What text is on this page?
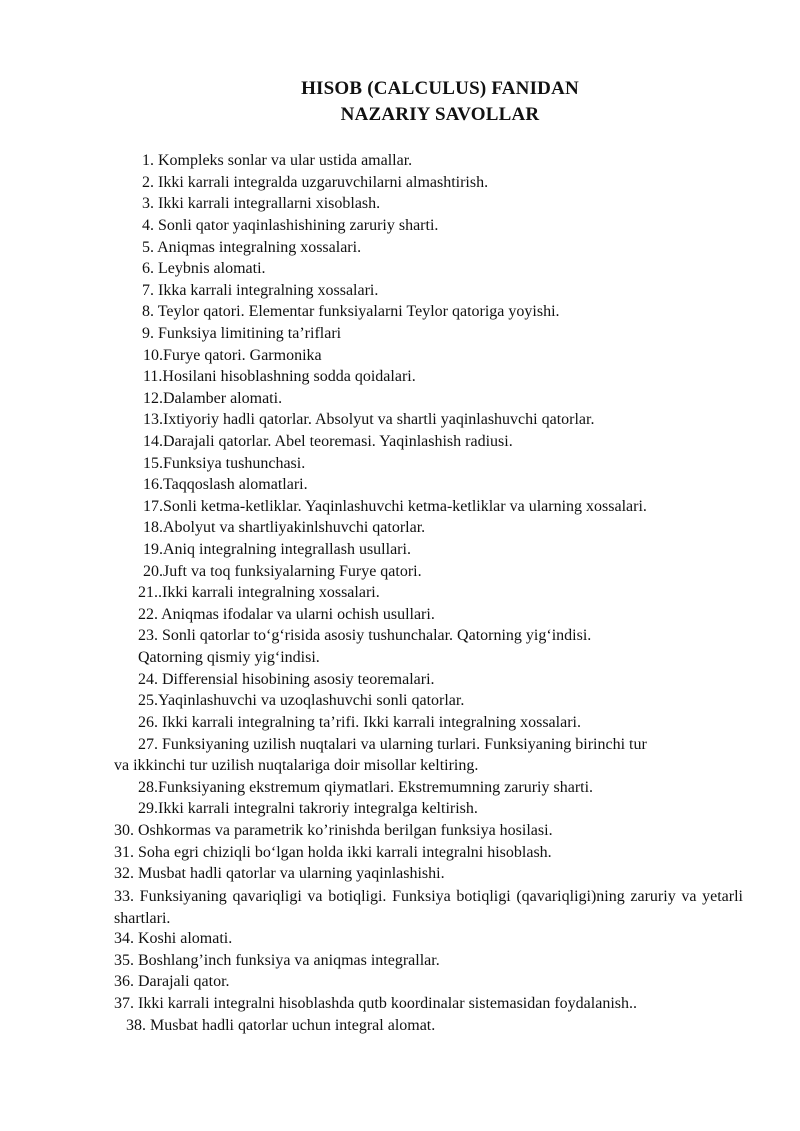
HISOB (CALCULUS) FANIDAN
NAZARIY SAVOLLAR
1. Kompleks sonlar va ular ustida amallar.
2. Ikki karrali integralda uzgaruvchilarni almashtirish.
3. Ikki karrali integrallarni xisoblash.
4. Sonli qator yaqinlashishining zaruriy sharti.
5. Aniqmas integralning xossalari.
6. Leybnis alomati.
7. Ikka karrali integralning xossalari.
8. Teylor qatori. Elementar funksiyalarni Teylor qatoriga yoyishi.
9. Funksiya limitining ta’riflari
10.Furye qatori. Garmonika
11.Hosilani hisoblashning sodda qoidalari.
12.Dalamber alomati.
13.Ixtiyoriy hadli qatorlar. Absolyut va shartli yaqinlashuvchi qatorlar.
14.Darajali qatorlar. Abel teoremasi. Yaqinlashish radiusi.
15.Funksiya tushunchasi.
16.Taqqoslash alomatlari.
17.Sonli ketma-ketliklar. Yaqinlashuvchi ketma-ketliklar va ularning xossalari.
18.Abolyut va shartliyakinlshuvchi qatorlar.
19.Aniq integralning integrallash usullari.
20.Juft va toq funksiyalarning Furye qatori.
21..Ikki karrali integralning xossalari.
22. Aniqmas ifodalar va ularni ochish usullari.
23. Sonli qatorlar to‘g‘risida asosiy tushunchalar. Qatorning yig‘indisi.
Qatorning qismiy yig‘indisi.
24. Differensial hisobining asosiy teoremalari.
25.Yaqinlashuvchi va uzoqlashuvchi sonli qatorlar.
26. Ikki karrali integralning ta’rifi. Ikki karrali integralning xossalari.
27. Funksiyaning uzilish nuqtalari va ularning turlari. Funksiyaning birinchi tur
va ikkinchi tur uzilish nuqtalariga doir misollar keltiring.
28.Funksiyaning ekstremum qiymatlari. Ekstremumning zaruriy sharti.
29.Ikki karrali integralni takroriy integralga keltirish.
30. Oshkormas va parametrik ko’rinishda berilgan funksiya hosilasi.
31. Soha egri chiziqli bo‘lgan holda ikki karrali integralni hisoblash.
32. Musbat hadli qatorlar va ularning yaqinlashishi.
33. Funksiyaning qavariqligi va botiqligi. Funksiya botiqligi (qavariqligi)ning zaruriy va yetarli shartlari.
34. Koshi alomati.
35. Boshlang’inch funksiya va aniqmas integrallar.
36. Darajali qator.
37. Ikki karrali integralni hisoblashda qutb koordinalar sistemasidan foydalanish..
38. Musbat hadli qatorlar uchun integral alomat.
